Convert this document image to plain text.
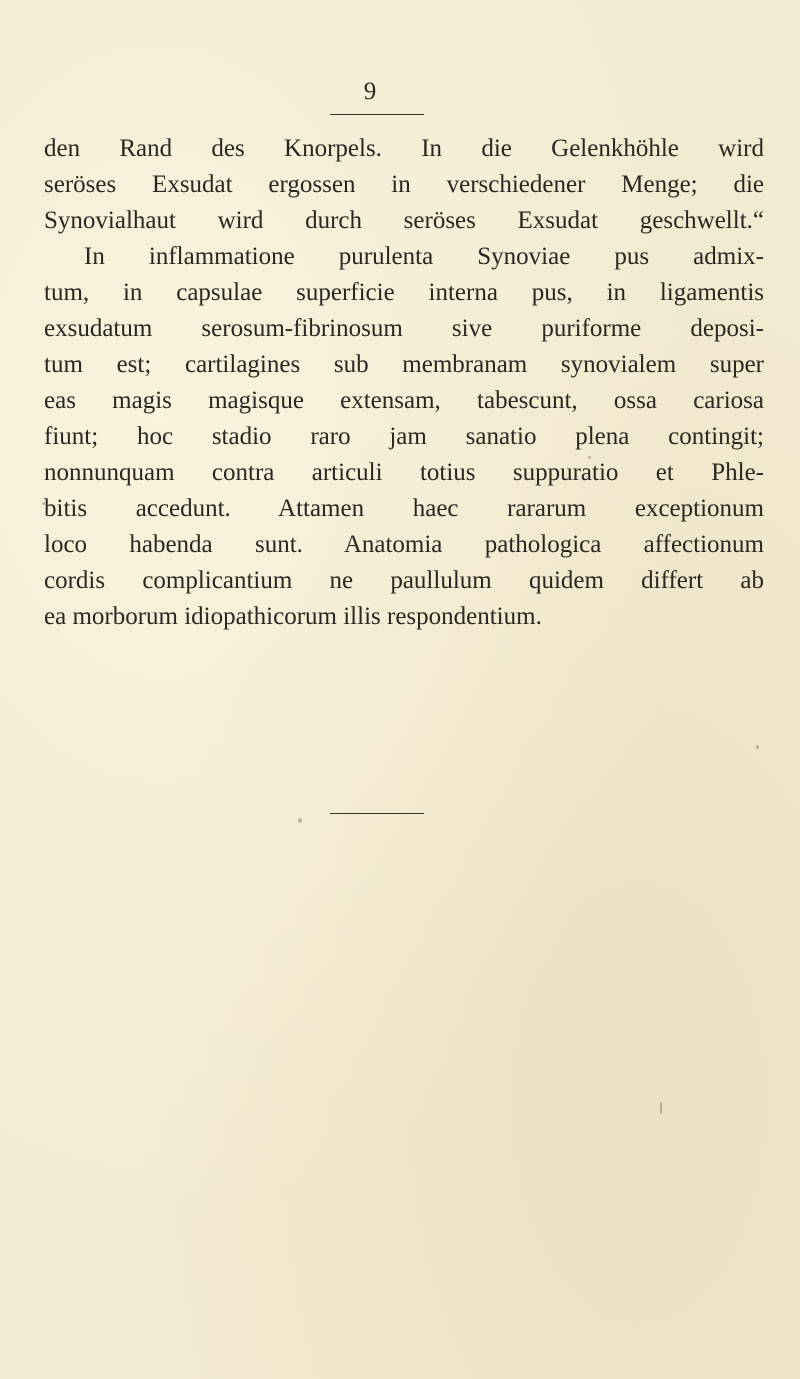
9
den Rand des Knorpels. In die Gelenkhöhle wird
seröses Exsudat ergossen in verschiedener Menge; die
Synovialhaut wird durch seröses Exsudat geschwellt.“
In inflammatione purulenta Synoviae pus admix-
tum, in capsulae superficie interna pus, in ligamentis
exsudatum serosum-fibrinosum sive puriforme deposi-
tum est; cartilagines sub membranam synovialem super
eas magis magisque extensam, tabescunt, ossa cariosa
fiunt; hoc stadio raro jam sanatio plena contingit;
nonnunquam contra articuli totius suppuratio et Phle-
bitis accedunt. Attamen haec rararum exceptionum
loco habenda sunt. Anatomia pathologica affectionum
cordis complicantium ne paullulum quidem differt ab
ea morborum idiopathicorum illis respondentium.
